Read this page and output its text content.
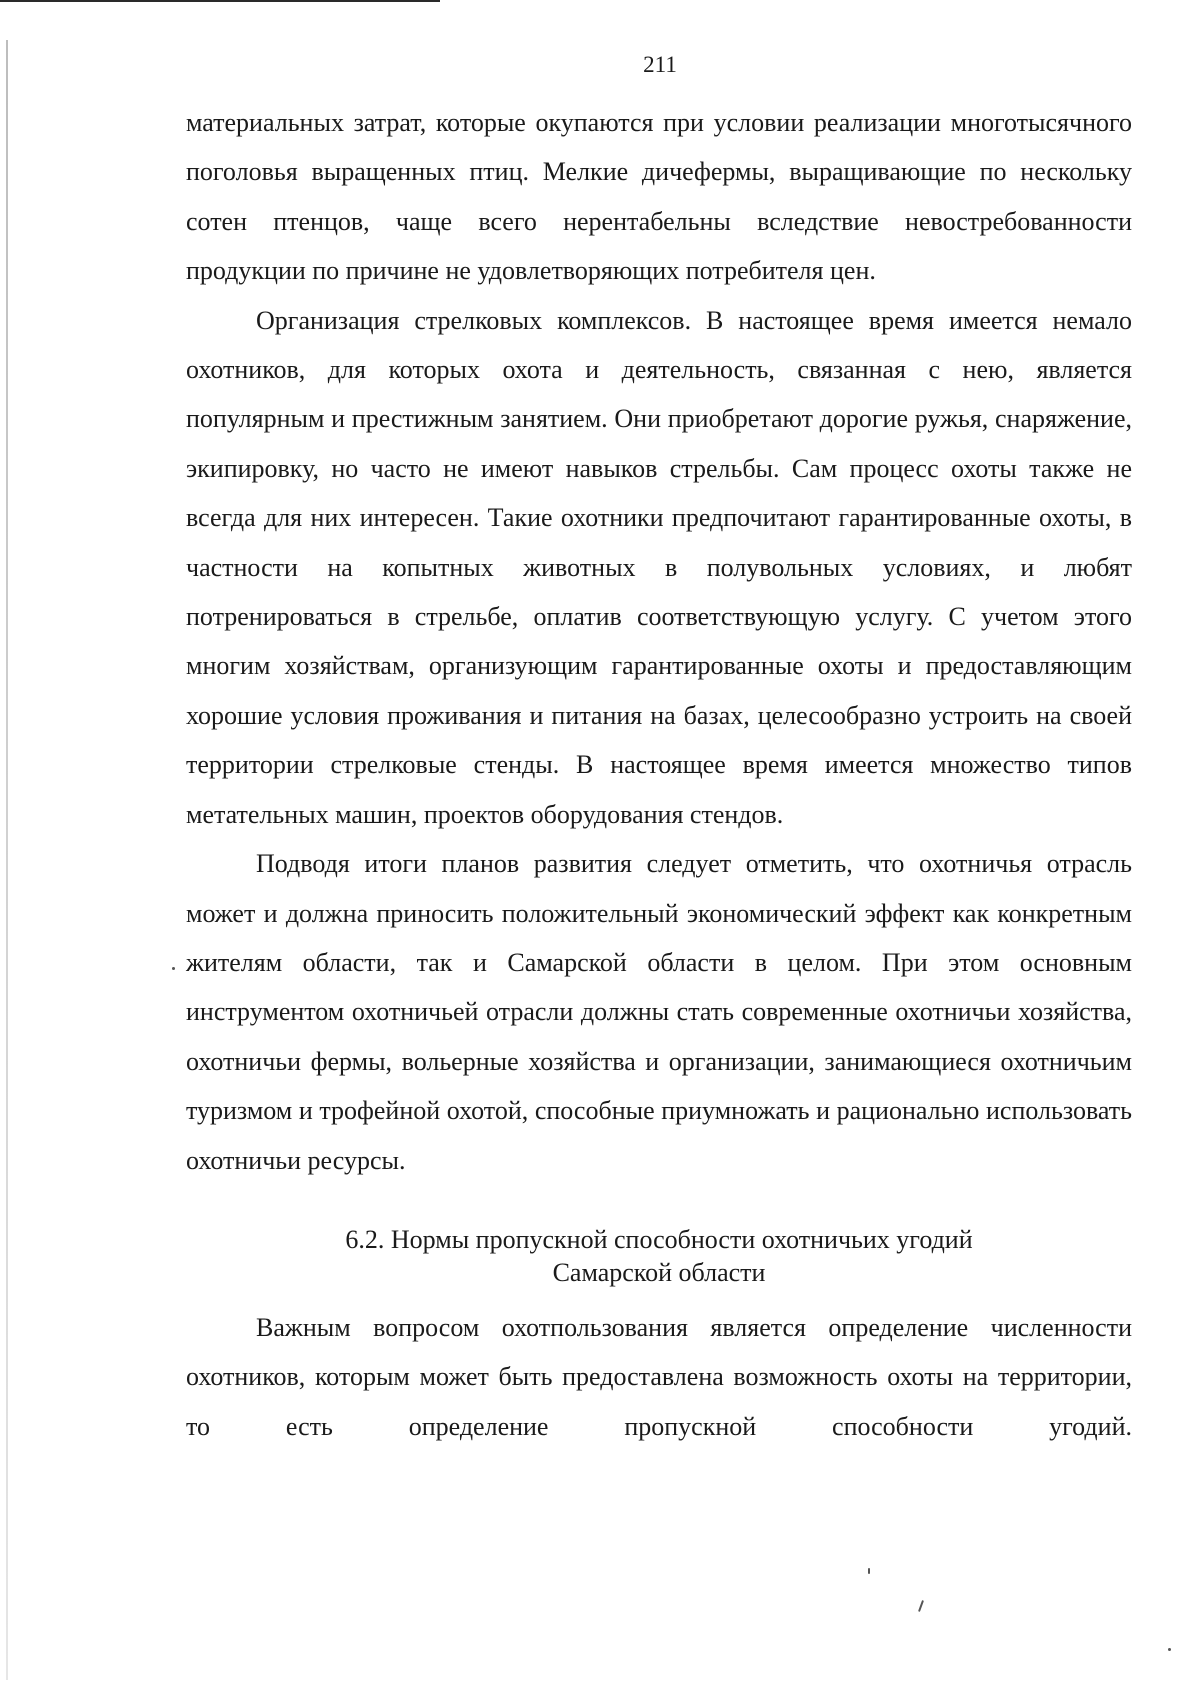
211

материальных затрат, которые окупаются при условии реализации многотысячного поголовья выращенных птиц. Мелкие дичефермы, выращивающие по нескольку сотен птенцов, чаще всего нерентабельны вследствие невостребованности продукции по причине не удовлетворяющих потребителя цен.

Организация стрелковых комплексов. В настоящее время имеется немало охотников, для которых охота и деятельность, связанная с нею, является популярным и престижным занятием. Они приобретают дорогие ружья, снаряжение, экипировку, но часто не имеют навыков стрельбы. Сам процесс охоты также не всегда для них интересен. Такие охотники предпочитают гарантированные охоты, в частности на копытных животных в полувольных условиях, и любят потренироваться в стрельбе, оплатив соответствующую услугу. С учетом этого многим хозяйствам, организующим гарантированные охоты и предоставляющим хорошие условия проживания и питания на базах, целесообразно устроить на своей территории стрелковые стенды. В настоящее время имеется множество типов метательных машин, проектов оборудования стендов.

Подводя итоги планов развития следует отметить, что охотничья отрасль может и должна приносить положительный экономический эффект как конкретным жителям области, так и Самарской области в целом. При этом основным инструментом охотничьей отрасли должны стать современные охотничьи хозяйства, охотничьи фермы, вольерные хозяйства и организации, занимающиеся охотничьим туризмом и трофейной охотой, способные приумножать и рационально использовать охотничьи ресурсы.

6.2. Нормы пропускной способности охотничьих угодий
Самарской области

Важным вопросом охотпользования является определение численности охотников, которым может быть предоставлена возможность охоты на территории, то есть определение пропускной способности угодий.
